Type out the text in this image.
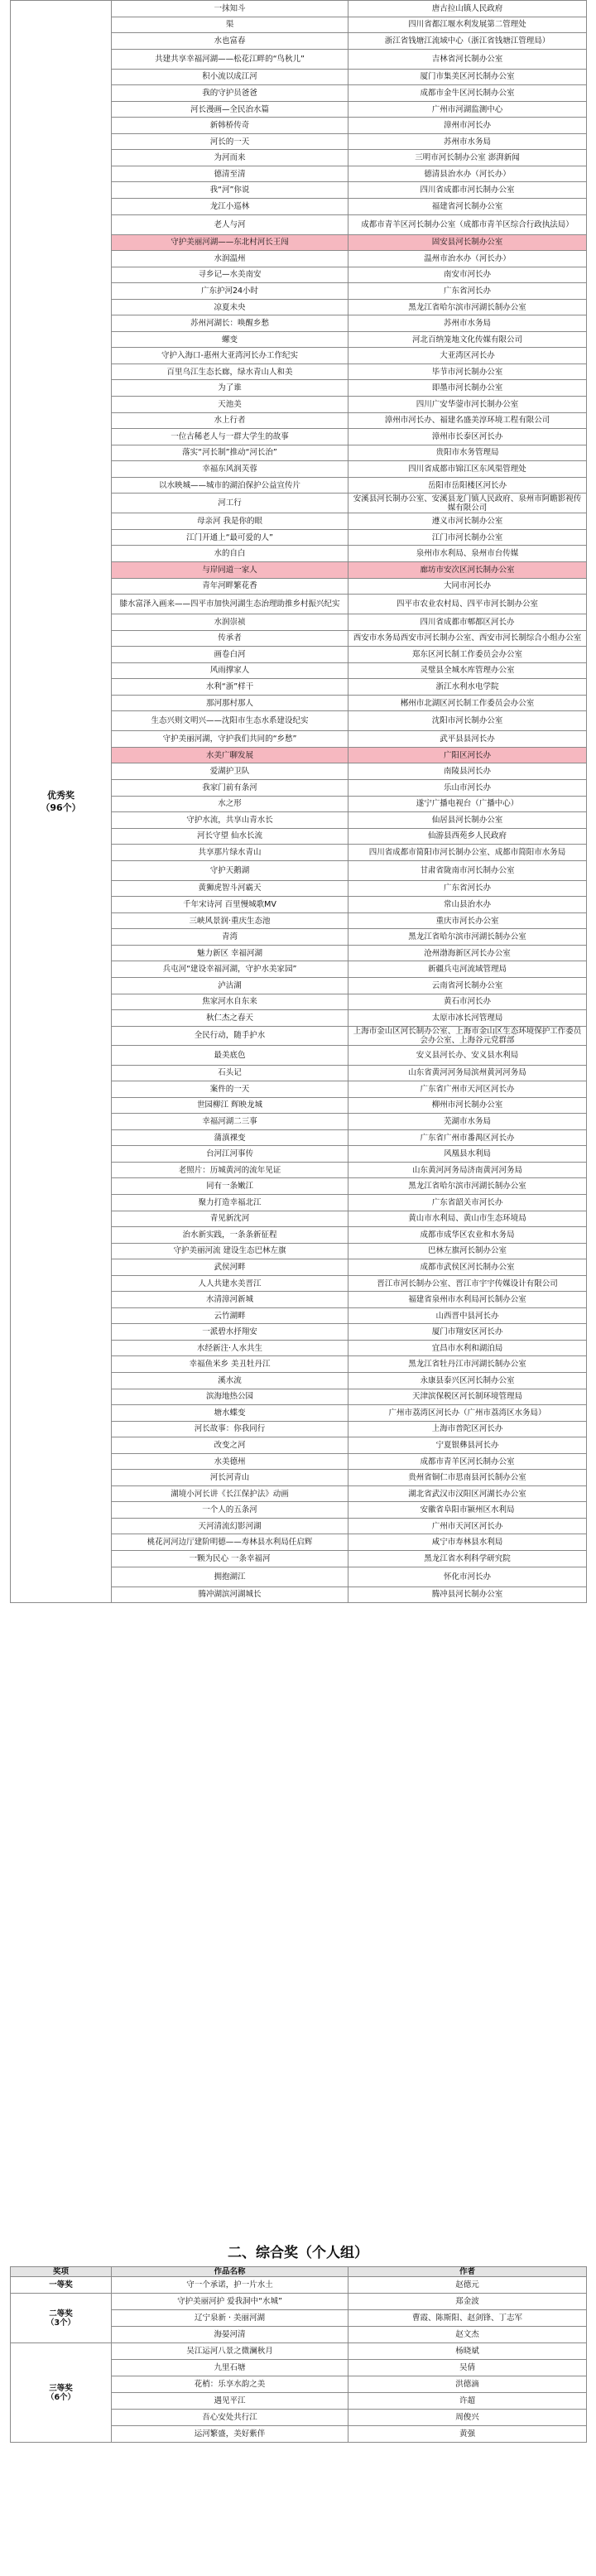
优秀奖
（96个）	一抹知斗	唐古拉山镇人民政府
	渠	四川省都江堰水利发展第二管理处
	水也富春	浙江省钱塘江流域中心（浙江省钱塘江管理局）
	共建共享幸福河湖——松花江畔的“鸟秋儿”	吉林省河长制办公室
	积小流以成江河	厦门市集美区河长制办公室
	我的守护员爸爸	成都市金牛区河长制办公室
	河长漫画—全民治水篇	广州市河湖监测中心
	新韩桥传奇	漳州市河长办
	河长的一天	苏州市水务局
	为河而来	三明市河长制办公室 澎湃新闻
	德清至清	德清县治水办（河长办）
	我“河”你说	四川省成都市河长制办公室
	龙江小巡林	福建省河长制办公室
	老人与河	成都市青羊区河长制办公室（成都市青羊区综合行政执法局）
	守护美丽河湖——东北村河长王闯	固安县河长制办公室
	水润温州	温州市治水办（河长办）
	寻乡记—水美南安	南安市河长办
	广东护河24小时	广东省河长办
	凉夏未央	黑龙江省哈尔滨市河湖长制办公室
	苏州河湖长：唤醒乡愁	苏州市水务局
	螺变	河北百纳笼地文化传媒有限公司
	守护入海口-惠州大亚湾河长办工作纪实	大亚湾区河长办
	百里乌江生态长廊，绿水青山人和美	毕节市河长制办公室
	为了谁	即墨市河长制办公室
	天池美	四川广安华蓥市河长制办公室
	水上行者	漳州市河长办、福建名盛美淳环境工程有限公司
	一位古稀老人与一群大学生的故事	漳州市长泰区河长办
	落实“河长制”推动“河长治”	贵阳市水务管理局
	幸福东风润芙蓉	四川省成都市锦江区东风渠管理处
	以水映城——城市的湖泊保护公益宣传片	岳阳市岳阳楼区河长办
	河工行	安溪县河长制办公室、安溪县龙门镇人民政府、泉州市阿瞻影视传媒有限公司
	母亲河 我是你的眼	遵义市河长制办公室
	江门开通上“最可爱的人”	江门市河长制办公室
	水的自白	泉州市水利局、泉州市台传媒
	与岸同道一家人	廊坊市安次区河长制办公室
	青年河畔繁花香	大同市河长办
	膝水富泽入画来——四平市加快河湖生态治理助推乡村振兴纪实	四平市农业农村局、四平市河长制办公室
	水润崇祯	四川省成都市郫都区河长办
	传承者	西安市水务局西安市河长制办公室、西安市河长制综合小组办公室
	画卷白河	郑东区河长制工作委员会办公室
	风雨撑家人	灵璧县全城水库管理办公室
	水利“浙”样干	浙江水利水电学院
	那河那村那人	郴州市北湖区河长制工作委员会办公室
	生态兴则文明兴——沈阳市生态水系建设纪实	沈阳市河长制办公室
	守护美丽河湖，守护我们共同的“乡愁”	武平县县河长办
	水美广聊发展	广阳区河长办
	爱湖护卫队	南陵县河长办
	我家门前有条河	乐山市河长办
	水之形	遂宁广播电视台（广播中心）
	守护水流，共享山青水长	仙居县河长制办公室
	河长守望 仙水长流	仙游县西苑乡人民政府
	共享那片绿水青山	四川省成都市简阳市河长制办公室、成都市简阳市水务局
	守护天鹅湖	甘肃省陇南市河长制办公室
	黄狮虎智斗河霸天	广东省河长办
	千年宋诗河 百里慢城歌MV	常山县治水办
	三峡风景润·重庆生态池	重庆市河长办公室
	青湾	黑龙江省哈尔滨市河湖长制办公室
	魅力新区 幸福河湖	沧州渤海新区河长办公室
	兵屯河“建设幸福河湖，守护水美家园”	新疆兵屯河流域管理局
	泸沽湖	云南省河长制办公室
	焦家河水自东来	黄石市河长办
	秋仁杰之春天	太原市冰长河管理局
	全民行动，随手护水	上海市金山区河长制办公室、上海市金山区生态环境保护工作委员会办公室、上海谷元党群部
	最美底色	安义县河长办、安义县水利局
	石头记	山东省黄河河务局滨州黄河河务局
	案件的一天	广东省广州市天河区河长办
	世园柳江 辉映龙城	柳州市河长制办公室
	幸福河湖二三事	芜湖市水务局
	蒲滇裸变	广东省广州市番禺区河长办
	台河江河事传	风凰县水利局
	老照片：历城黄河的流年见证	山东黄河河务局济南黄河河务局
	同有一条嫩江	黑龙江省哈尔滨市河湖长制办公室
	聚力打造幸福北江	广东省韶关市河长办
	青见新沈河	黄山市水利局、黄山市生态环境局
	治水新实践，一条条新征程	成都市成华区农业和水务局
	守护美丽河流 建设生态巴林左旗	巴林左旗河长制办公室
	武侯河畔	成都市武侯区河长制办公室
	人人共建水美晋江	晋江市河长制办公室、晋江市宇宇传媒设计有限公司
	水清漳河新城	福建省泉州市水利局河长制办公室
	云竹湖畔	山西晋中县河长办
	一派碧水抒翔安	厦门市翔安区河长办
	水经新注·人水共生	宜昌市水利和湖泊局
	幸福鱼米乡 美丑牡丹江	黑龙江省牡丹江市河湖长制办公室
	溪水流	永康县泰兴区河长制办公室
	滨海地热公园	天津滨保税区河长制环境管理局
	塘水蝶变	广州市荔湾区河长办（广州市荔湾区水务局）
	河长故事：你我同行	上海市普陀区河长办
	改变之河	宁夏银彝县河长办
	水美德州	成都市青羊区河长制办公室
	河长河青山	贵州省铜仁市思南县河长制办公室
	湖境小河长讲《长江保护法》动画	湖北省武汉市汉阳区河湖长办公室
	一个人的五条河	安徽省阜阳市颍州区水利局
	天河清流幻影河湖	广州市天河区河长办
	桃花河河边厅建阶明德——寿林县水利局任启辉	咸宁市寿林县水利局
	一颗为民心 一条幸福河	黑龙江省水利科学研究院
	拥抱湖江	怀化市河长办
	腾冲湖滨河湖城长	腾冲县河长制办公室
二、综合奖（个人组）
奖项	作品名称	作者

一等奖	守一个承诺，护一片水土	赵德元

二等奖
（3个）	守护美丽河护 爱我洞中“水城”	郑金波
	辽宁泉新 · 美丽河湖	曹霞、陈斯阳、赵剑锋、丁志军
	海晏河清	赵文杰

三等奖
（6个）	吴江运河八景之微澜秋月	杨晓斌
	九里石塘	吴倩
	花梢：乐享水韵之美	洪德滴
	遇见平江	许超
	吾心安处共行江	周俊兴
	运河繁盛，美好紫伴	黄强
